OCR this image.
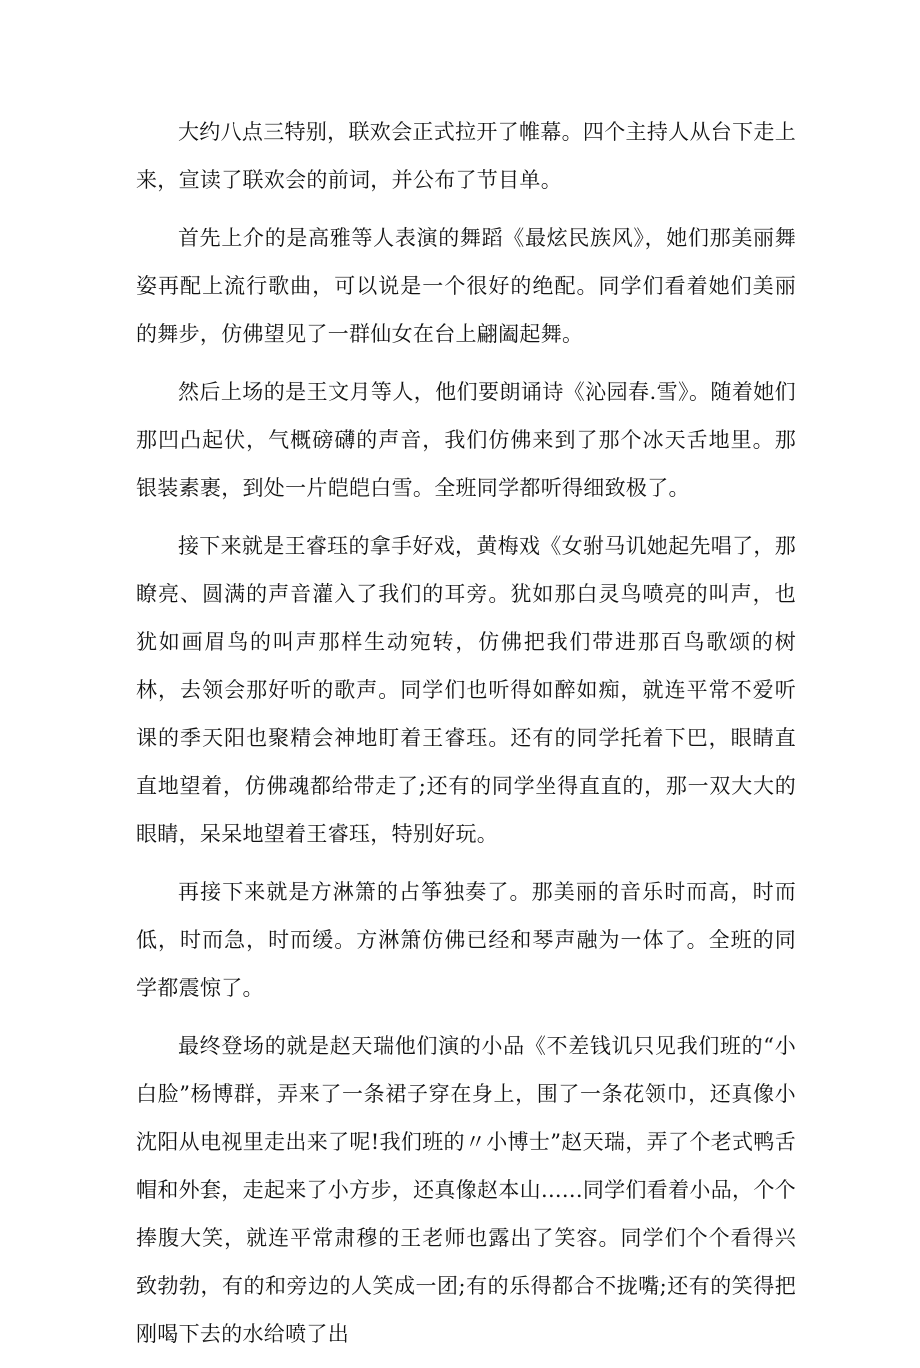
大约八点三特别，联欢会正式拉开了帷幕。四个主持人从台下走上来，宣读了联欢会的前词，并公布了节目单。

首先上介的是高雅等人表演的舞蹈《最炫民族风》，她们那美丽舞姿再配上流行歌曲，可以说是一个很好的绝配。同学们看着她们美丽的舞步，仿佛望见了一群仙女在台上翩阖起舞。

然后上场的是王文月等人，他们要朗诵诗《沁园春.雪》。随着她们那凹凸起伏，气概磅礴的声音，我们仿佛来到了那个冰天舌地里。那银装素裹，到处一片皑皑白雪。全班同学都听得细致极了。

接下来就是王睿珏的拿手好戏，黄梅戏《女驸马讥她起先唱了，那瞭亮、圆满的声音灌入了我们的耳旁。犹如那白灵鸟喷亮的叫声，也犹如画眉鸟的叫声那样生动宛转，仿佛把我们带进那百鸟歌颂的树林，去领会那好听的歌声。同学们也听得如醉如痴，就连平常不爱听课的季天阳也聚精会神地盯着王睿珏。还有的同学托着下巴，眼睛直直地望着，仿佛魂都给带走了;还有的同学坐得直直的，那一双大大的眼睛，呆呆地望着王睿珏，特别好玩。

再接下来就是方淋箫的占筝独奏了。那美丽的音乐时而高，时而低，时而急，时而缓。方淋箫仿佛已经和琴声融为一体了。全班的同学都震惊了。

最终登场的就是赵天瑞他们演的小品《不差钱讥只见我们班的“小白脸”杨博群，弄来了一条裙子穿在身上，围了一条花领巾，还真像小沈阳从电视里走出来了呢!我们班的〃小博士”赵天瑞，弄了个老式鸭舌帽和外套，走起来了小方步，还真像赵本山......同学们看着小品，个个捧腹大笑，就连平常肃穆的王老师也露出了笑容。同学们个个看得兴致勃勃，有的和旁边的人笑成一团;有的乐得都合不拢嘴;还有的笑得把刚喝下去的水给喷了出
